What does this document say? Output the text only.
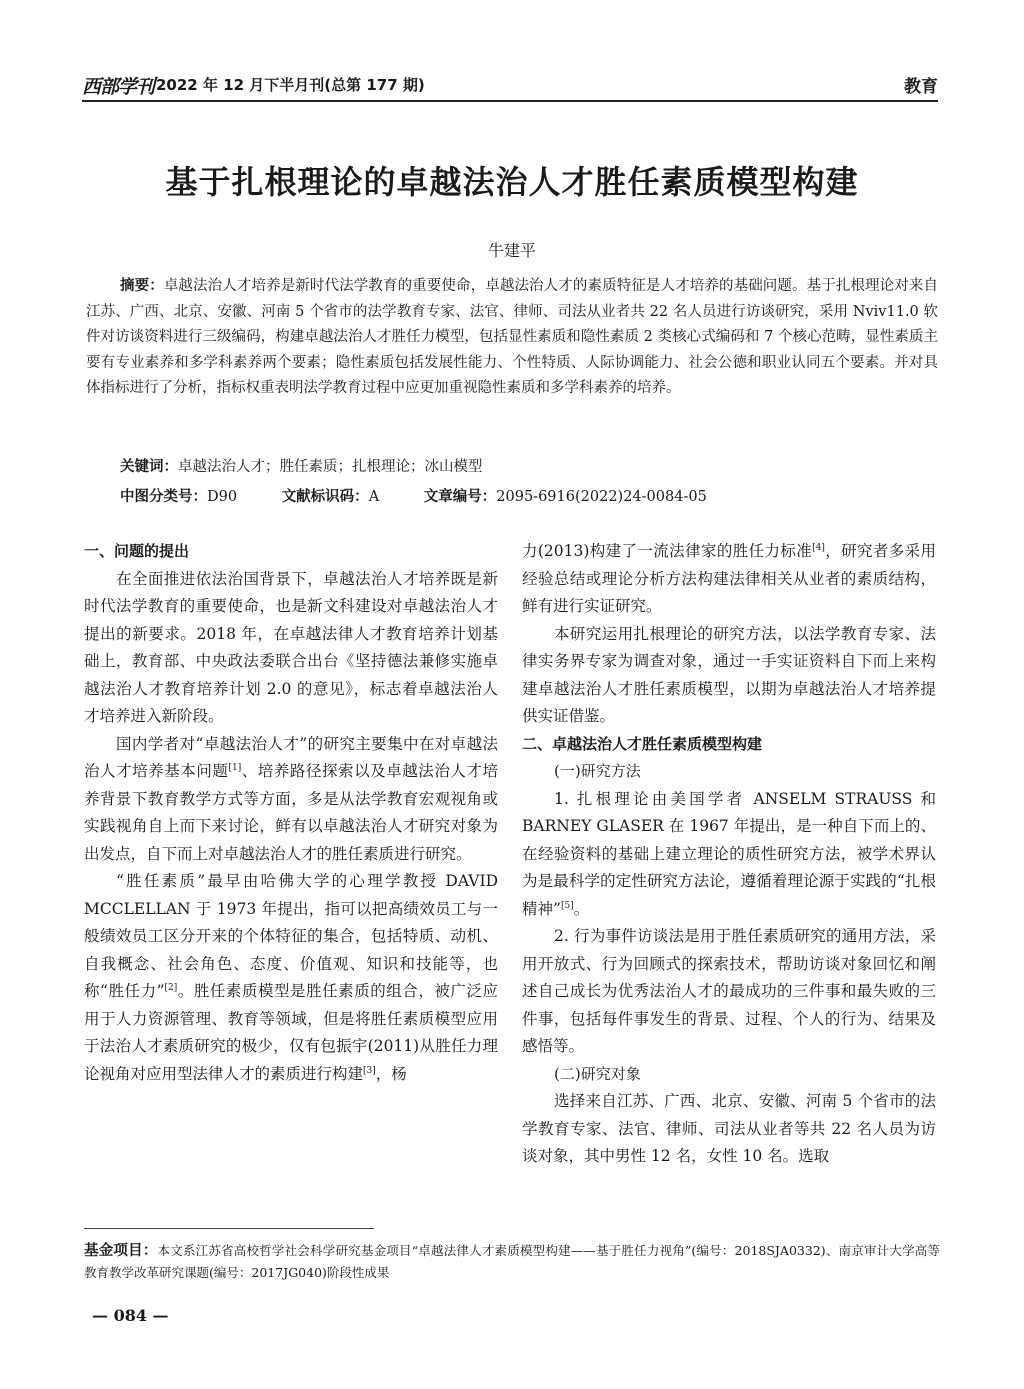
西部学刊 2022 年 12 月下半月刊(总第 177 期)	教育
基于扎根理论的卓越法治人才胜任素质模型构建
牛建平
摘要：卓越法治人才培养是新时代法学教育的重要使命，卓越法治人才的素质特征是人才培养的基础问题。基于扎根理论对来自江苏、广西、北京、安徽、河南 5 个省市的法学教育专家、法官、律师、司法从业者共 22 名人员进行访谈研究，采用 Nviv11.0 软件对访谈资料进行三级编码，构建卓越法治人才胜任力模型，包括显性素质和隐性素质 2 类核心式编码和 7 个核心范畴，显性素质主要有专业素养和多学科素养两个要素；隐性素质包括发展性能力、个性特质、人际协调能力、社会公德和职业认同五个要素。并对具体指标进行了分析，指标权重表明法学教育过程中应更加重视隐性素质和多学科素养的培养。
关键词：卓越法治人才；胜任素质；扎根理论；冰山模型
中图分类号：D90	文献标识码：A	文章编号：2095-6916(2022)24-0084-05
一、问题的提出

在全面推进依法治国背景下，卓越法治人才培养既是新时代法学教育的重要使命，也是新文科建设对卓越法治人才提出的新要求。2018 年，在卓越法律人才教育培养计划基础上，教育部、中央政法委联合出台《坚持德法兼修实施卓越法治人才教育培养计划 2.0 的意见》，标志着卓越法治人才培养进入新阶段。

国内学者对“卓越法治人才”的研究主要集中在对卓越法治人才培养基本问题[1]、培养路径探索以及卓越法治人才培养背景下教育教学方式等方面，多是从法学教育宏观视角或实践视角自上而下来讨论，鲜有以卓越法治人才研究对象为出发点，自下而上对卓越法治人才的胜任素质进行研究。

“胜任素质”最早由哈佛大学的心理学教授 DAVID MCCLELLAN 于 1973 年提出，指可以把高绩效员工与一般绩效员工区分开来的个体特征的集合，包括特质、动机、自我概念、社会角色、态度、价值观、知识和技能等，也称“胜任力”[2]。胜任素质模型是胜任素质的组合，被广泛应用于人力资源管理、教育等领域，但是将胜任素质模型应用于法治人才素质研究的极少，仅有包振宇(2011)从胜任力理论视角对应用型法律人才的素质进行构建[3]，杨

力(2013)构建了一流法律家的胜任力标准[4]，研究者多采用经验总结或理论分析方法构建法律相关从业者的素质结构，鲜有进行实证研究。

本研究运用扎根理论的研究方法，以法学教育专家、法律实务界专家为调查对象，通过一手实证资料自下而上来构建卓越法治人才胜任素质模型，以期为卓越法治人才培养提供实证借鉴。

二、卓越法治人才胜任素质模型构建
(一)研究方法

1. 扎根理论由美国学者 ANSELM STRAUSS 和 BARNEY GLASER 在 1967 年提出，是一种自下而上的、在经验资料的基础上建立理论的质性研究方法，被学术界认为是最科学的定性研究方法论，遵循着理论源于实践的“扎根精神”[5]。

2. 行为事件访谈法是用于胜任素质研究的通用方法，采用开放式、行为回顾式的探索技术，帮助访谈对象回忆和阐述自己成长为优秀法治人才的最成功的三件事和最失败的三件事，包括每件事发生的背景、过程、个人的行为、结果及感悟等。

(二)研究对象

选择来自江苏、广西、北京、安徽、河南 5 个省市的法学教育专家、法官、律师、司法从业者等共 22 名人员为访谈对象，其中男性 12 名，女性 10 名。选取

基金项目：本文系江苏省高校哲学社会科学研究基金项目“卓越法律人才素质模型构建——基于胜任力视角”(编号：2018SJA0332)、南京审计大学高等教育教学改革研究课题(编号：2017JG040)阶段性成果
— 084 —
